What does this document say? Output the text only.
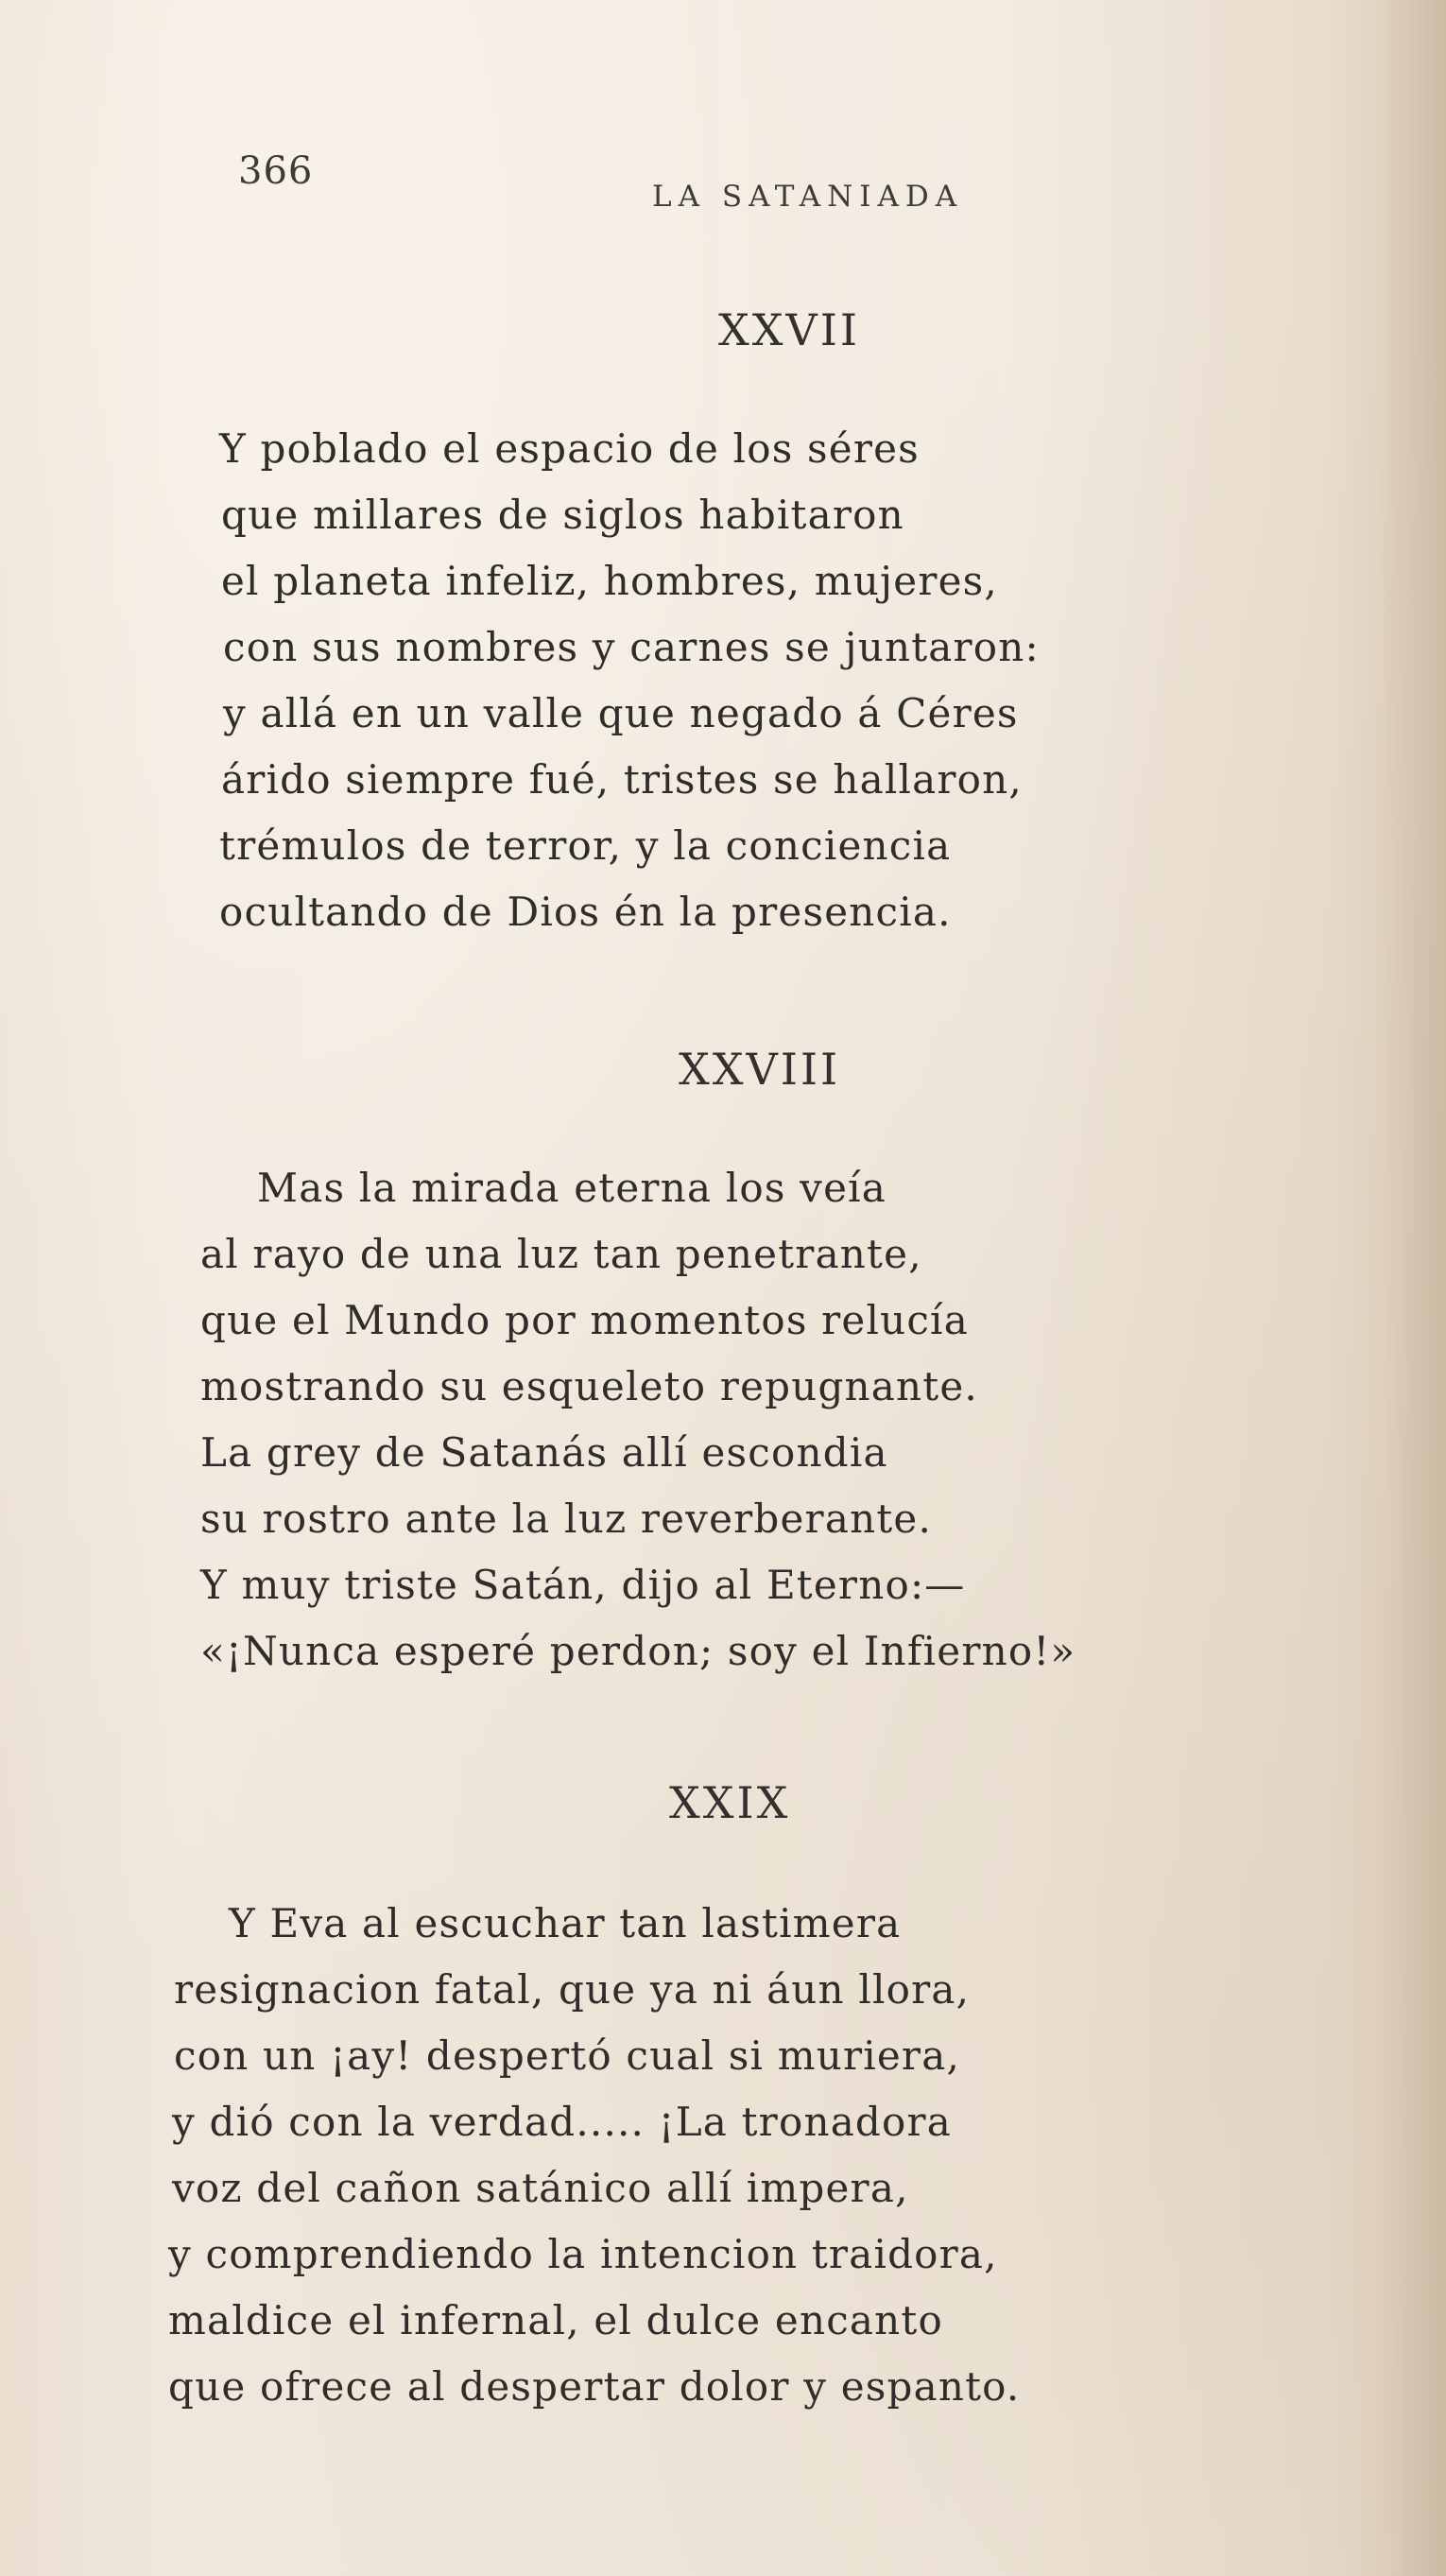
366
LA SATANIADA
XXVII
Y poblado el espacio de los séres
que millares de siglos habitaron
el planeta infeliz, hombres, mujeres,
con sus nombres y carnes se juntaron:
y allá en un valle que negado á Céres
árido siempre fué, tristes se hallaron,
trémulos de terror, y la conciencia
ocultando de Dios én la presencia.
XXVIII
Mas la mirada eterna los veía
al rayo de una luz tan penetrante,
que el Mundo por momentos relucía
mostrando su esqueleto repugnante.
La grey de Satanás allí escondia
su rostro ante la luz reverberante.
Y muy triste Satán, dijo al Eterno:—
«¡Nunca esperé perdon; soy el Infierno!»
XXIX
Y Eva al escuchar tan lastimera
resignacion fatal, que ya ni áun llora,
con un ¡ay! despertó cual si muriera,
y dió con la verdad..... ¡La tronadora
voz del cañon satánico allí impera,
y comprendiendo la intencion traidora,
maldice el infernal, el dulce encanto
que ofrece al despertar dolor y espanto.
